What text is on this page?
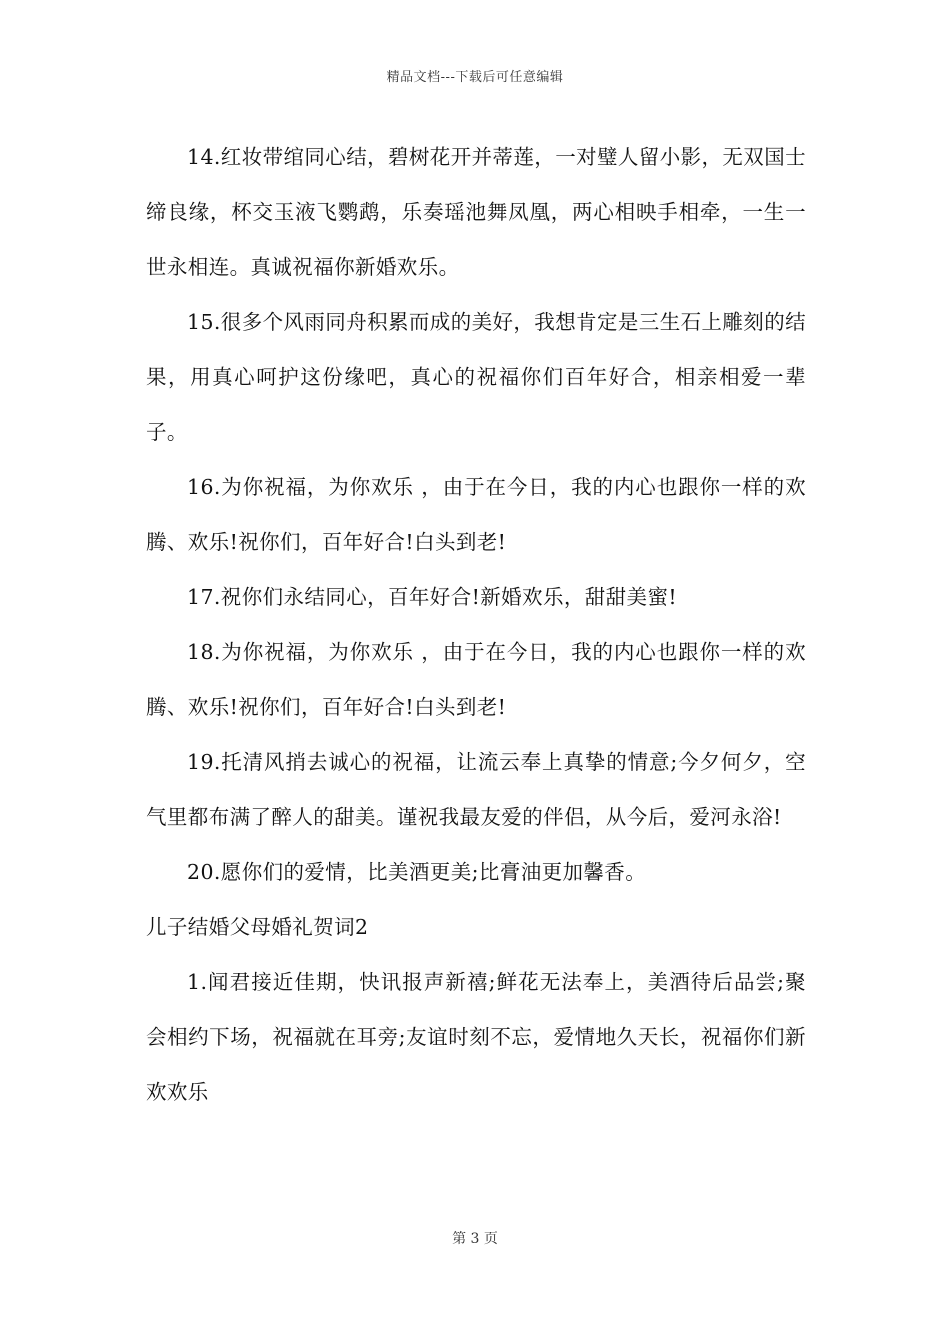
精品文档---下载后可任意编辑

14.红妆带绾同心结，碧树花开并蒂莲，一对璧人留小影，无双国士缔良缘，杯交玉液飞鹦鹉，乐奏瑶池舞凤凰，两心相映手相牵，一生一世永相连。真诚祝福你新婚欢乐。

15.很多个风雨同舟积累而成的美好，我想肯定是三生石上雕刻的结果，用真心呵护这份缘吧，真心的祝福你们百年好合，相亲相爱一辈子。

16.为你祝福，为你欢乐 ，由于在今日，我的内心也跟你一样的欢腾、欢乐!祝你们，百年好合!白头到老!

17.祝你们永结同心，百年好合!新婚欢乐，甜甜美蜜!

18.为你祝福，为你欢乐 ，由于在今日，我的内心也跟你一样的欢腾、欢乐!祝你们，百年好合!白头到老!

19.托清风捎去诚心的祝福，让流云奉上真挚的情意;今夕何夕，空气里都布满了醉人的甜美。谨祝我最友爱的伴侣，从今后，爱河永浴!

20.愿你们的爱情，比美酒更美;比膏油更加馨香。

儿子结婚父母婚礼贺词2

1.闻君接近佳期，快讯报声新禧;鲜花无法奉上，美酒待后品尝;聚会相约下场，祝福就在耳旁;友谊时刻不忘，爱情地久天长，祝福你们新欢欢乐

第 3 页
